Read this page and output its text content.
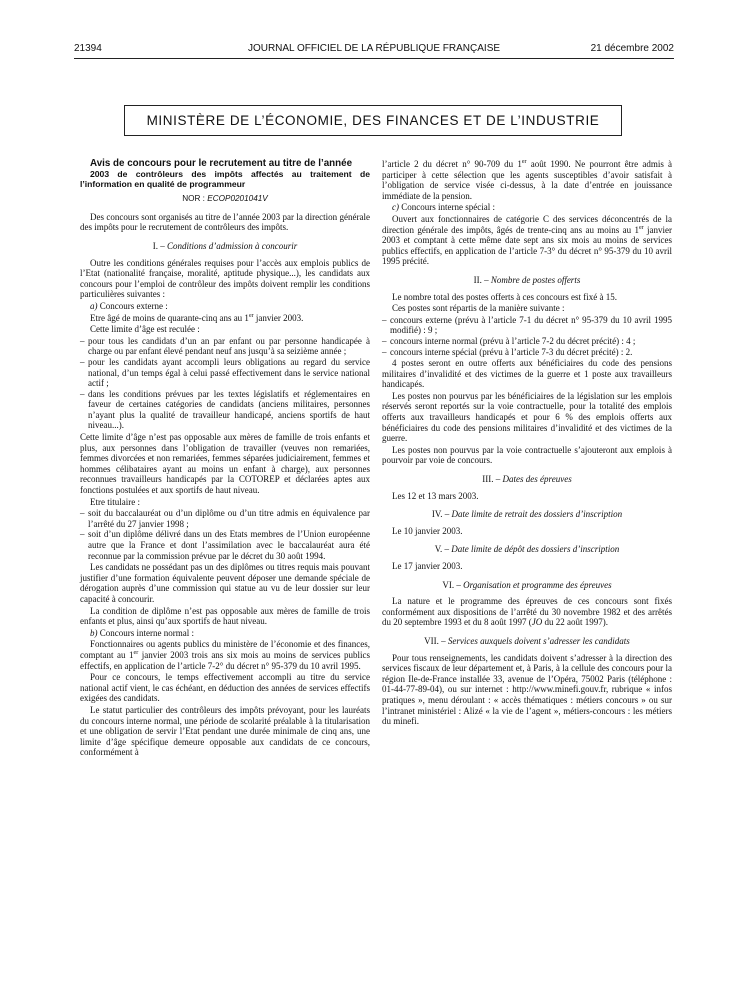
21394	JOURNAL OFFICIEL DE LA RÉPUBLIQUE FRANÇAISE	21 décembre 2002
MINISTÈRE DE L’ÉCONOMIE, DES FINANCES ET DE L’INDUSTRIE

Avis de concours pour le recrutement au titre de l’année

2003 de contrôleurs des impôts affectés au traitement de l’information en qualité de programmeur

NOR : ECOP0201041V

Des concours sont organisés au titre de l’année 2003 par la direction générale des impôts pour le recrutement de contrôleurs des impôts.

I. – Conditions d’admission à concourir

Outre les conditions générales requises pour l’accès aux emplois publics de l’Etat (nationalité française, moralité, aptitude physique...), les candidats aux concours pour l’emploi de contrôleur des impôts doivent remplir les conditions particulières suivantes :

a) Concours externe :

Etre âgé de moins de quarante-cinq ans au 1er janvier 2003.

Cette limite d’âge est reculée :

– pour tous les candidats d’un an par enfant ou par personne handicapée à charge ou par enfant élevé pendant neuf ans jusqu’à sa seizième année ;
– pour les candidats ayant accompli leurs obligations au regard du service national, d’un temps égal à celui passé effectivement dans le service national actif ;
– dans les conditions prévues par les textes législatifs et réglementaires en faveur de certaines catégories de candidats (anciens militaires, personnes n’ayant plus la qualité de travailleur handicapé, anciens sportifs de haut niveau...).

Cette limite d’âge n’est pas opposable aux mères de famille de trois enfants et plus, aux personnes dans l’obligation de travailler (veuves non remariées, femmes divorcées et non remariées, femmes séparées judiciairement, femmes et hommes célibataires ayant au moins un enfant à charge), aux personnes reconnues travailleurs handicapés par la COTOREP et déclarées aptes aux fonctions postulées et aux sportifs de haut niveau.

Etre titulaire :

– soit du baccalauréat ou d’un diplôme ou d’un titre admis en équivalence par l’arrêté du 27 janvier 1998 ;
– soit d’un diplôme délivré dans un des Etats membres de l’Union européenne autre que la France et dont l’assimilation avec le baccalauréat aura été reconnue par la commission prévue par le décret du 30 août 1994.

Les candidats ne possédant pas un des diplômes ou titres requis mais pouvant justifier d’une formation équivalente peuvent déposer une demande spéciale de dérogation auprès d’une commission qui statue au vu de leur dossier sur leur capacité à concourir.

La condition de diplôme n’est pas opposable aux mères de famille de trois enfants et plus, ainsi qu’aux sportifs de haut niveau.

b) Concours interne normal :

Fonctionnaires ou agents publics du ministère de l’économie et des finances, comptant au 1er janvier 2003 trois ans six mois au moins de services publics effectifs, en application de l’article 7-2° du décret n° 95-379 du 10 avril 1995.

Pour ce concours, le temps effectivement accompli au titre du service national actif vient, le cas échéant, en déduction des années de services effectifs exigées des candidats.

Le statut particulier des contrôleurs des impôts prévoyant, pour les lauréats du concours interne normal, une période de scolarité préalable à la titularisation et une obligation de servir l’Etat pendant une durée minimale de cinq ans, une limite d’âge spécifique demeure opposable aux candidats de ce concours, conformément à

l’article 2 du décret n° 90-709 du 1er août 1990. Ne pourront être admis à participer à cette sélection que les agents susceptibles d’avoir satisfait à l’obligation de service visée ci-dessus, à la date d’entrée en jouissance immédiate de la pension.

c) Concours interne spécial :

Ouvert aux fonctionnaires de catégorie C des services déconcentrés de la direction générale des impôts, âgés de trente-cinq ans au moins au 1er janvier 2003 et comptant à cette même date sept ans six mois au moins de services publics effectifs, en application de l’article 7-3° du décret n° 95-379 du 10 avril 1995 précité.

II. – Nombre de postes offerts

Le nombre total des postes offerts à ces concours est fixé à 15.

Ces postes sont répartis de la manière suivante :

– concours externe (prévu à l’article 7-1 du décret n° 95-379 du 10 avril 1995 modifié) : 9 ;
– concours interne normal (prévu à l’article 7-2 du décret précité) : 4 ;
– concours interne spécial (prévu à l’article 7-3 du décret précité) : 2.

4 postes seront en outre offerts aux bénéficiaires du code des pensions militaires d’invalidité et des victimes de la guerre et 1 poste aux travailleurs handicapés.

Les postes non pourvus par les bénéficiaires de la législation sur les emplois réservés seront reportés sur la voie contractuelle, pour la totalité des emplois offerts aux travailleurs handicapés et pour 6 % des emplois offerts aux bénéficiaires du code des pensions militaires d’invalidité et des victimes de la guerre.

Les postes non pourvus par la voie contractuelle s’ajouteront aux emplois à pourvoir par voie de concours.

III. – Dates des épreuves

Les 12 et 13 mars 2003.

IV. – Date limite de retrait des dossiers d’inscription

Le 10 janvier 2003.

V. – Date limite de dépôt des dossiers d’inscription

Le 17 janvier 2003.

VI. – Organisation et programme des épreuves

La nature et le programme des épreuves de ces concours sont fixés conformément aux dispositions de l’arrêté du 30 novembre 1982 et des arrêtés du 20 septembre 1993 et du 8 août 1997 (JO du 22 août 1997).

VII. – Services auxquels doivent s’adresser les candidats

Pour tous renseignements, les candidats doivent s’adresser à la direction des services fiscaux de leur département et, à Paris, à la cellule des concours pour la région Ile-de-France installée 33, avenue de l’Opéra, 75002 Paris (téléphone : 01-44-77-89-04), ou sur internet : http://www.minefi.gouv.fr, rubrique « infos pratiques », menu déroulant : « accès thématiques : métiers concours » ou sur l’intranet ministériel : Alizé « la vie de l’agent », métiers-concours : les métiers du minefi.
